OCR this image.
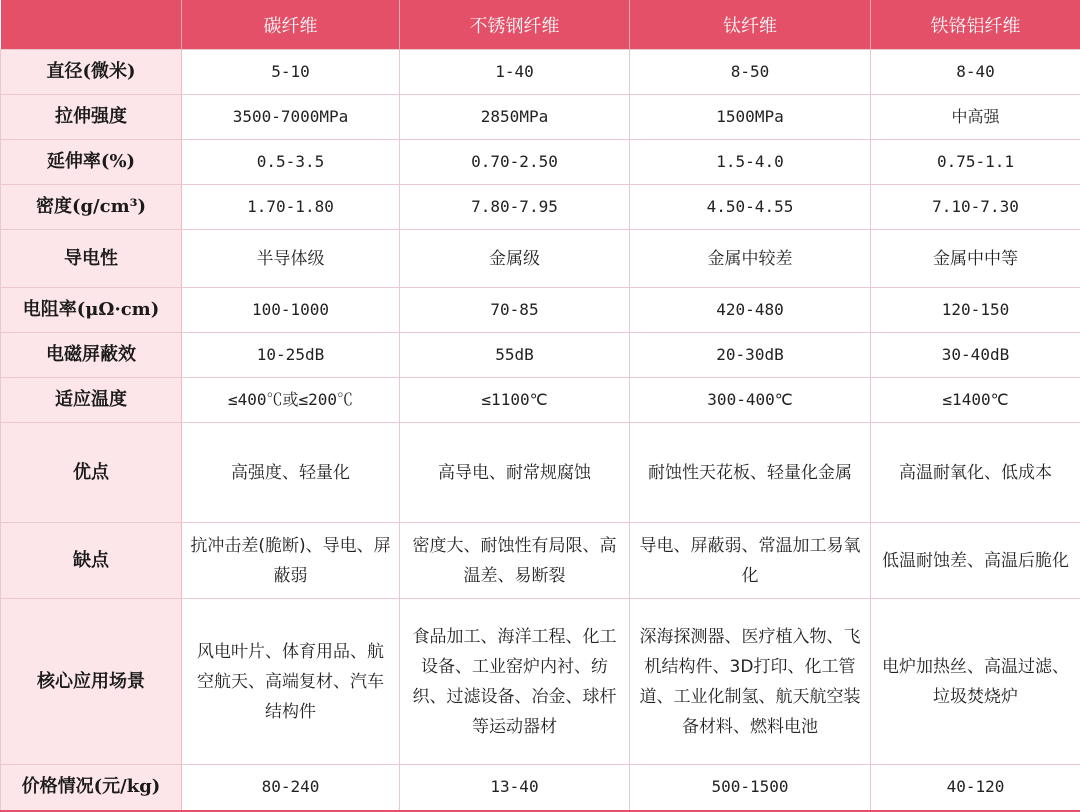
	碳纤维	不锈钢纤维	钛纤维	铁铬铝纤维
直径(微米)	5-10	1-40	8-50	8-40
拉伸强度	3500-7000MPa	2850MPa	1500MPa	中高强
延伸率(%)	0.5-3.5	0.70-2.50	1.5-4.0	0.75-1.1
密度(g/cm³)	1.70-1.80	7.80-7.95	4.50-4.55	7.10-7.30
导电性	半导体级	金属级	金属中较差	金属中中等
电阻率(μΩ·cm)	100-1000	70-85	420-480	120-150
电磁屏蔽效	10-25dB	55dB	20-30dB	30-40dB
适应温度	≤400℃或≤200℃	≤1100℃	300-400℃	≤1400℃
优点	高强度、轻量化	高导电、耐常规腐蚀	耐蚀性天花板、轻量化金属	高温耐氧化、低成本
缺点	抗冲击差(脆断)、导电、屏蔽弱	密度大、耐蚀性有局限、高温差、易断裂	导电、屏蔽弱、常温加工易氧化	低温耐蚀差、高温后脆化
核心应用场景	风电叶片、体育用品、航空航天、高端复材、汽车结构件	食品加工、海洋工程、化工设备、工业窑炉内衬、纺织、过滤设备、冶金、球杆等运动器材	深海探测器、医疗植入物、飞机结构件、3D打印、化工管道、工业化制氢、航天航空装备材料、燃料电池	电炉加热丝、高温过滤、垃圾焚烧炉
价格情况(元/kg)	80-240	13-40	500-1500	40-120
